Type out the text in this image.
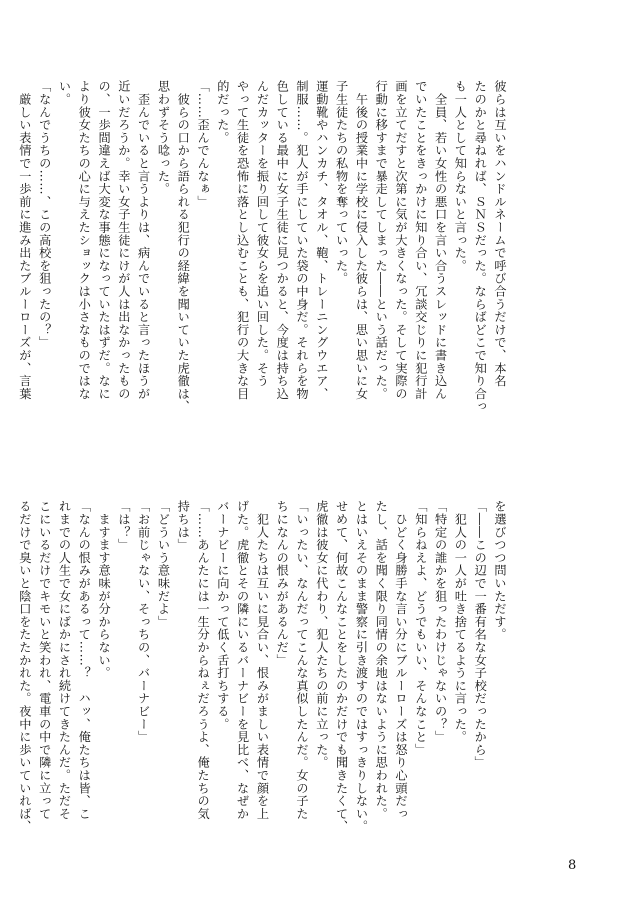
彼らは互いをハンドルネームで呼び合うだけで、本名
たのかと尋ねれば、ＳＮＳだった。ならばどこで知り合っ
も一人として知らないと言った。
　全員、若い女性の悪口を言い合うスレッドに書き込ん
でいたことをきっかけに知り合い、冗談交じりに犯行計
画を立てだすと次第に気が大きくなった。そして実際の
行動に移すまで暴走してしまった――という話だった。
　午後の授業中に学校に侵入した彼らは、思い思いに女
子生徒たちの私物を奪っていった。
運動靴やハンカチ、タオル、鞄、トレーニングウエア、
制服……。犯人が手にしていた袋の中身だ。それらを物
色している最中に女子生徒に見つかると、今度は持ち込
んだカッターを振り回して彼女らを追い回した。そう
やって生徒を恐怖に落とし込むことも、犯行の大きな目
的だった。
「……歪んでんなぁ」
　彼らの口から語られる犯行の経緯を聞いていた虎徹は、
思わずそう唸った。
　歪んでいると言うよりは、病んでいると言ったほうが
近いだろうか。幸い女子生徒にけが人は出なかったもの
の、一歩間違えば大変な事態になっていたはずだ。なに
より彼女たちの心に与えたショックは小さなものではな
い。
「なんでうちの……、この高校を狙ったの？」
　厳しい表情で一歩前に進み出たブルーローズが、言葉
を選びつつ問いただす。
「――この辺で一番有名な女子校だったから」
　犯人の一人が吐き捨てるように言った。
「特定の誰かを狙ったわけじゃないの？」
「知らねえよ、どうでもいい、そんなこと」
　ひどく身勝手な言い分にブルーローズは怒り心頭だっ
たし、話を聞く限り同情の余地はないように思われた。
とはいえそのまま警察に引き渡すのではすっきりしない。
せめて、何故こんなことをしたのかだけでも聞きたくて、
虎徹は彼女に代わり、犯人たちの前に立った。
「いったい、なんだってこんな真似したんだ。女の子た
ちになんの恨みがあるんだ」
　犯人たちは互いに見合い、恨みがましい表情で顔を上
げた。虎徹とその隣にいるバーナビーを見比べ、なぜか
バーナビーに向かって低く舌打ちする。
「……あんたには一生分からねぇだろうよ、俺たちの気
持ちは」
「どういう意味だよ」
「お前じゃない、そっちの、バーナビー」
「は？」
　ますます意味が分からない。
「なんの恨みがあるって……？　ハッ、俺たちは皆、こ
れまでの人生で女にばかにされ続けてきたんだ。ただそ
こにいるだけでキモいと笑われ、電車の中で隣に立って
るだけで臭いと陰口をたたかれた。夜中に歩いていれば、
8
